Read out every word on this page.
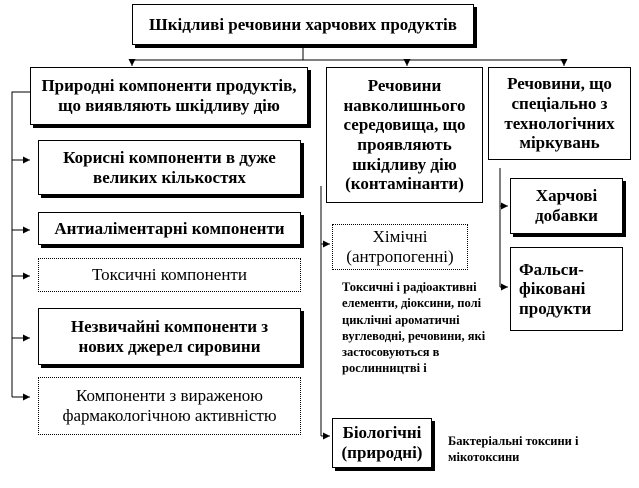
Шкідливі речовини харчових продуктів
Природні компоненти продуктів, що виявляють шкідливу дію
Речовини навколишнього середовища, що проявляють шкідливу дію (контамінанти)
Речовини, що спеціально з технологічних міркувань
Корисні компоненти в дуже великих кількостях
Антиаліментарні компоненти
Токсичні компоненти
Незвичайні компоненти з нових джерел сировини
Компоненти з вираженою фармакологічною активністю
Хімічні (антропогенні)
Токсичні і радіоактивні елементи, діоксини, полі циклічні ароматичні вуглеводні, речовини, які застосовуються в рослинництві і
Біологічні (природні)
Бактеріальні токсини і мікотоксини
Харчові добавки
Фальси-фіковані продукти
